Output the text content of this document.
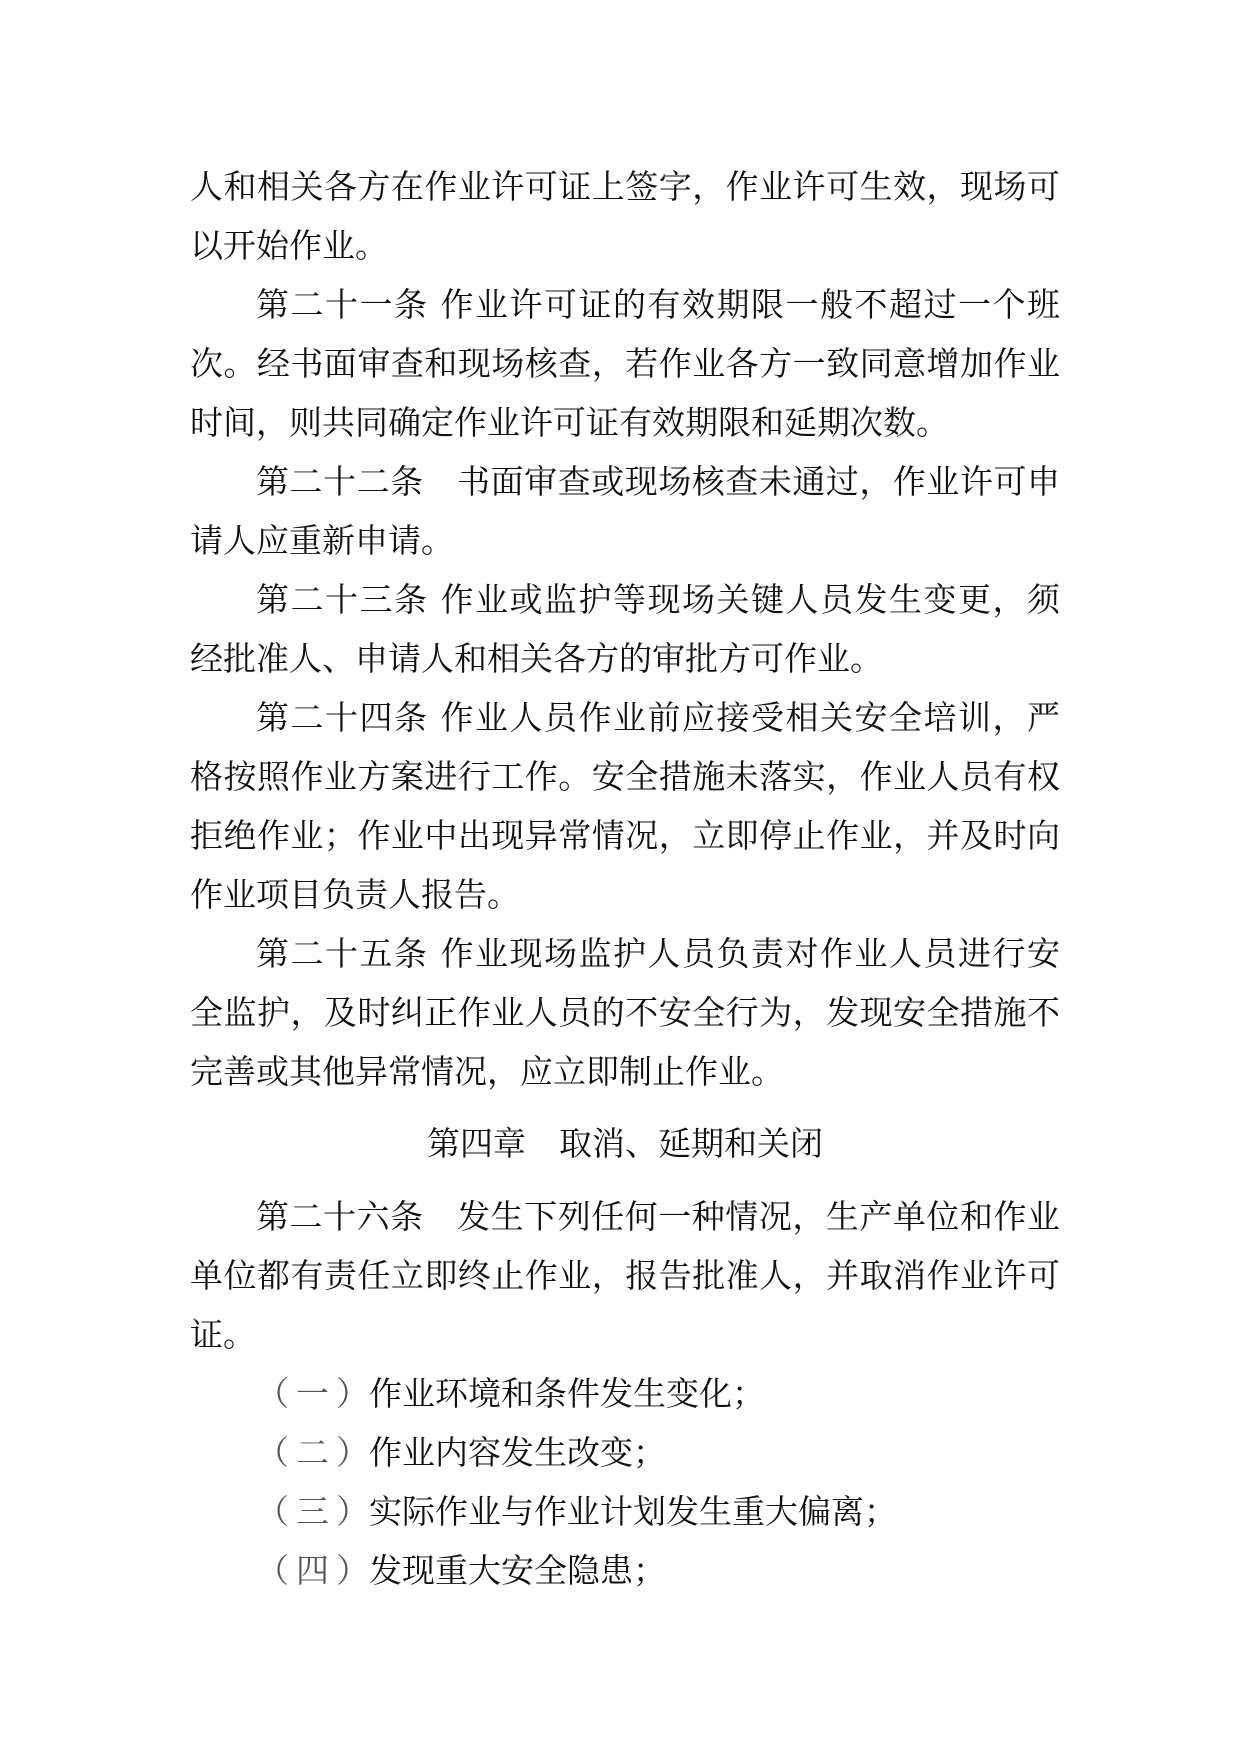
人和相关各方在作业许可证上签字，作业许可生效，现场可
以开始作业。
第二十一条 作业许可证的有效期限一般不超过一个班
次。经书面审查和现场核查，若作业各方一致同意增加作业
时间，则共同确定作业许可证有效期限和延期次数。
第二十二条　书面审查或现场核查未通过，作业许可申
请人应重新申请。
第二十三条 作业或监护等现场关键人员发生变更，须
经批准人、申请人和相关各方的审批方可作业。
第二十四条 作业人员作业前应接受相关安全培训，严
格按照作业方案进行工作。安全措施未落实，作业人员有权
拒绝作业；作业中出现异常情况，立即停止作业，并及时向
作业项目负责人报告。
第二十五条 作业现场监护人员负责对作业人员进行安
全监护，及时纠正作业人员的不安全行为，发现安全措施不
完善或其他异常情况，应立即制止作业。
第四章　取消、延期和关闭
第二十六条　发生下列任何一种情况，生产单位和作业
单位都有责任立即终止作业，报告批准人，并取消作业许可
证。
（一）作业环境和条件发生变化；
（二）作业内容发生改变；
（三）实际作业与作业计划发生重大偏离；
（四）发现重大安全隐患；
